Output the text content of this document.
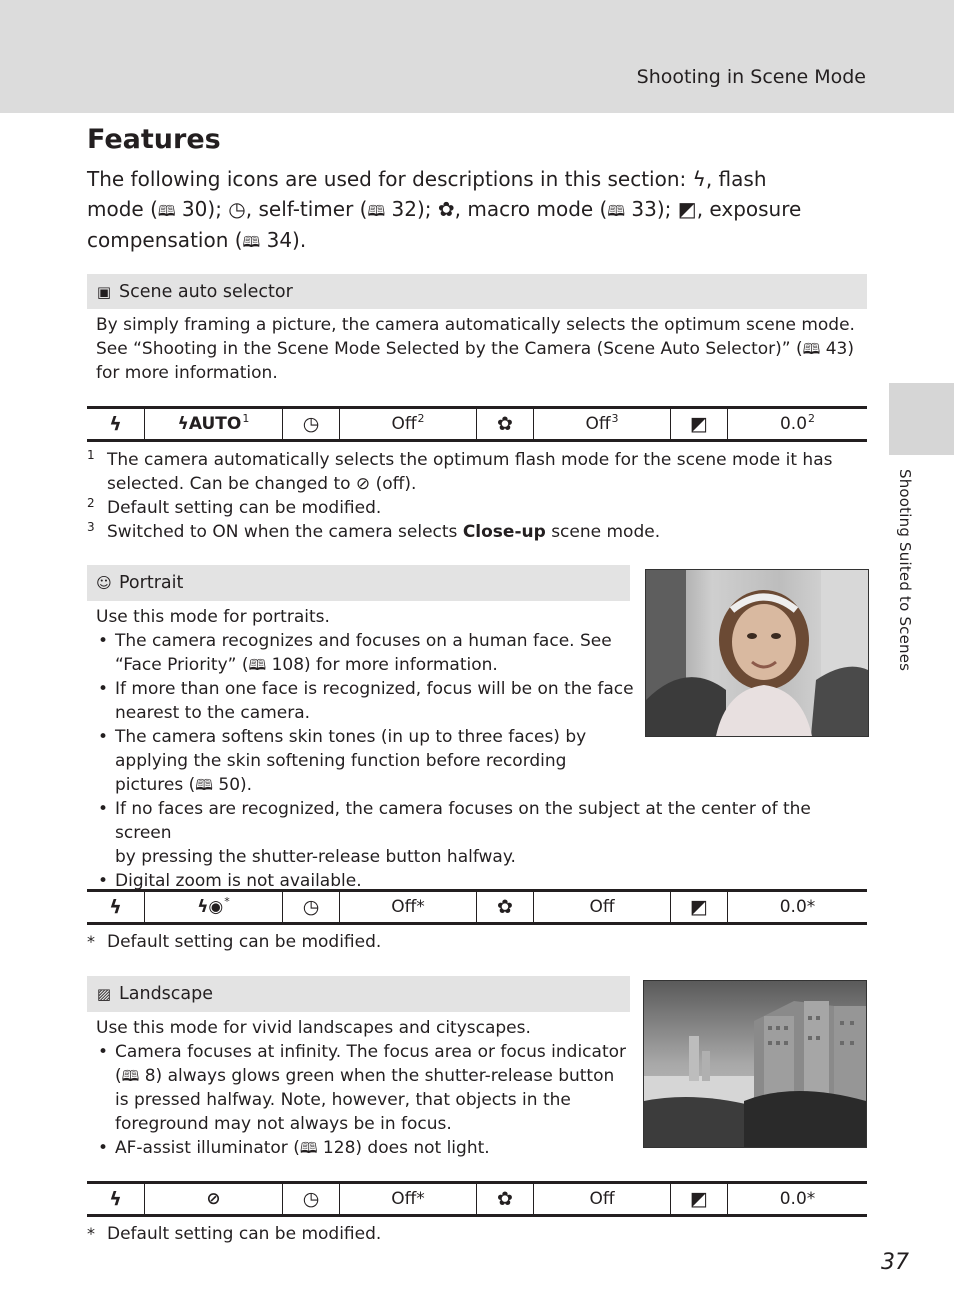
Shooting in Scene Mode
Shooting Suited to Scenes
Features
The following icons are used for descriptions in this section: ϟ, flash mode (🕮 30); ◷, self-timer (🕮 32); ✿, macro mode (🕮 33); ◩, exposure compensation (🕮 34).
▣ Scene auto selector
By simply framing a picture, the camera automatically selects the optimum scene mode.
See “Shooting in the Scene Mode Selected by the Camera (Scene Auto Selector)” (🕮 43)
for more information.
ϟ	ϟAUTO$^1$	◷	Off$^2$	✿	Off$^3$	◩	$0.0^2$
1 The camera automatically selects the optimum flash mode for the scene mode it has
selected. Can be changed to ⊘ (off).
2 Default setting can be modified.
3 Switched to ON when the camera selects Close-up scene mode.
☺ Portrait
Use this mode for portraits.
• The camera recognizes and focuses on a human face. See
“Face Priority” (🕮 108) for more information.
• If more than one face is recognized, focus will be on the face
nearest to the camera.
• The camera softens skin tones (in up to three faces) by
applying the skin softening function before recording
pictures (🕮 50).
• If no faces are recognized, the camera focuses on the subject at the center of the screen
by pressing the shutter-release button halfway.
• Digital zoom is not available.
ϟ	ϟ◉*	◷	Off*	✿	Off	◩	0.0*
* Default setting can be modified.
▨ Landscape
Use this mode for vivid landscapes and cityscapes.
• Camera focuses at infinity. The focus area or focus indicator
(🕮 8) always glows green when the shutter-release button
is pressed halfway. Note, however, that objects in the
foreground may not always be in focus.
• AF-assist illuminator (🕮 128) does not light.
ϟ	⊘	◷	Off*	✿	Off	◩	0.0*
* Default setting can be modified.
37
